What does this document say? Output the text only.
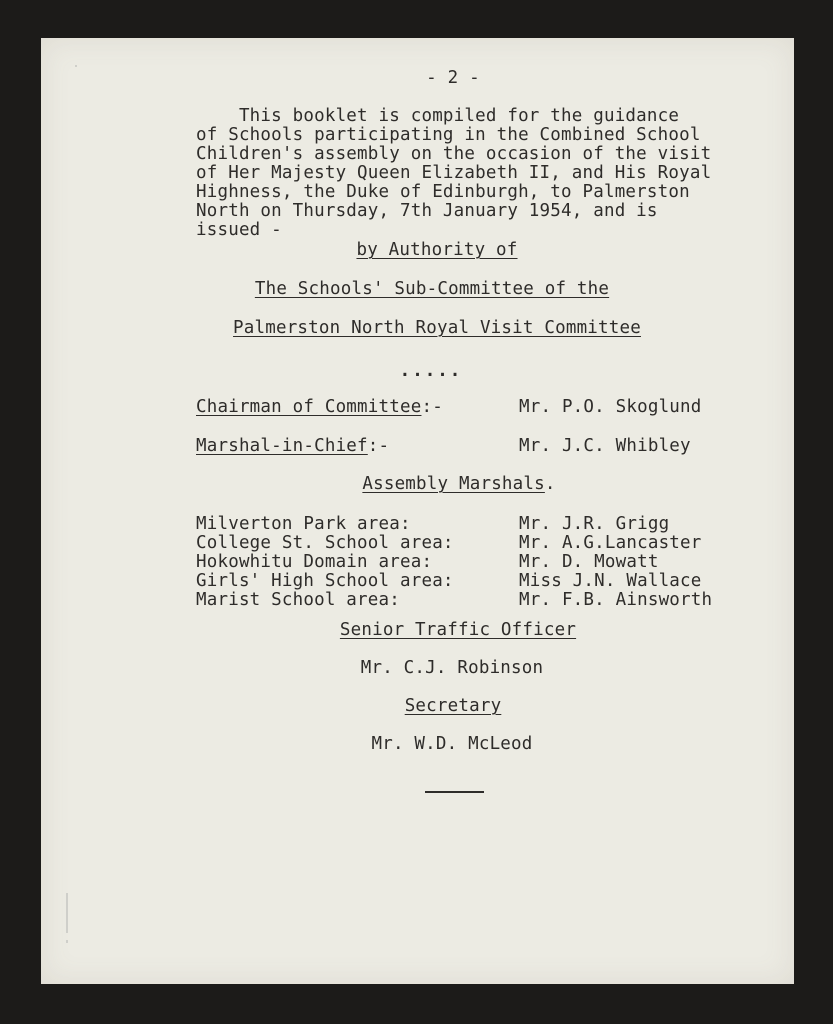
- 2 -
This booklet is compiled for the guidance
of Schools participating in the Combined School
Children's assembly on the occasion of the visit
of Her Majesty Queen Elizabeth II, and His Royal
Highness, the Duke of Edinburgh, to Palmerston
North on Thursday, 7th January 1954, and is
issued -
by Authority of
The Schools' Sub-Committee of the
Palmerston North Royal Visit Committee
.....
Chairman of Committee:-	Mr. P.O. Skoglund
Marshal-in-Chief:-	Mr. J.C. Whibley
Assembly Marshals.
Milverton Park area:	Mr. J.R. Grigg
College St. School area:	Mr. A.G.Lancaster
Hokowhitu Domain area:	Mr. D. Mowatt
Girls' High School area:	Miss J.N. Wallace
Marist School area:	Mr. F.B. Ainsworth
Senior Traffic Officer
Mr. C.J. Robinson
Secretary
Mr. W.D. McLeod
